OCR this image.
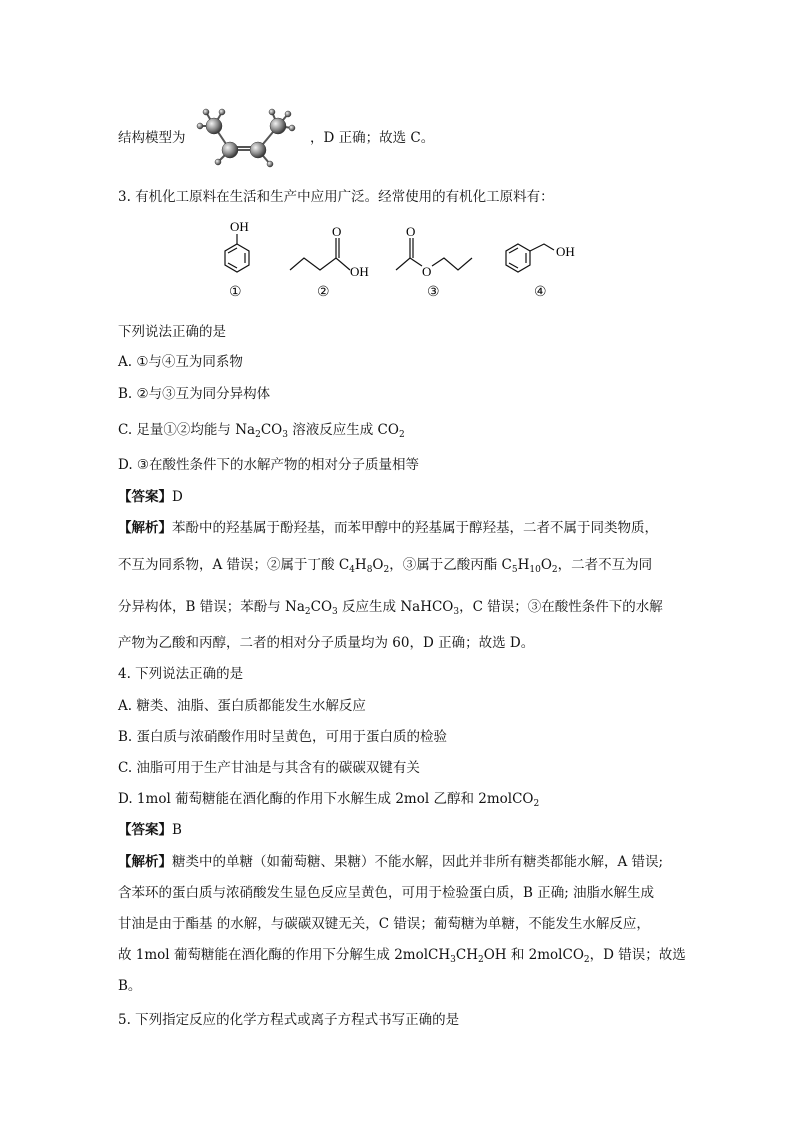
结构模型为	，D 正确；故选 C。
3. 有机化工原料在生活和生产中应用广泛。经常使用的有机化工原料有：
OH
①
O
OH
②
O
O
③
OH
④
下列说法正确的是
A. ①与④互为同系物
B. ②与③互为同分异构体
C. 足量①②均能与 $Na_2CO_3$ 溶液反应生成 $CO_2$
D. ③在酸性条件下的水解产物的相对分子质量相等
【答案】D
【解析】苯酚中的羟基属于酚羟基，而苯甲醇中的羟基属于醇羟基，二者不属于同类物质，
不互为同系物，A 错误；②属于丁酸 $C_4H_8O_2$，③属于乙酸丙酯 $C_5H_{10}O_2$，二者不互为同
分异构体，B 错误；苯酚与 $Na_2CO_3$ 反应生成 NaHCO$_3$，C 错误；③在酸性条件下的水解
产物为乙酸和丙醇，二者的相对分子质量均为 60，D 正确；故选 D。
4. 下列说法正确的是
A. 糖类、油脂、蛋白质都能发生水解反应
B. 蛋白质与浓硝酸作用时呈黄色，可用于蛋白质的检验
C. 油脂可用于生产甘油是与其含有的碳碳双键有关
D. 1mol 葡萄糖能在酒化酶的作用下水解生成 2mol 乙醇和 2molCO$_2$
【答案】B
【解析】糖类中的单糖（如葡萄糖、果糖）不能水解，因此并非所有糖类都能水解，A 错误;
含苯环的蛋白质与浓硝酸发生显色反应呈黄色，可用于检验蛋白质，B 正确; 油脂水解生成
甘油是由于酯基 的水解，与碳碳双键无关，C 错误；葡萄糖为单糖，不能发生水解反应，
故 1mol 葡萄糖能在酒化酶的作用下分解生成 $2molCH_3CH_2OH$ 和 2molCO$_2$，D 错误；故选
B。
5. 下列指定反应的化学方程式或离子方程式书写正确的是
